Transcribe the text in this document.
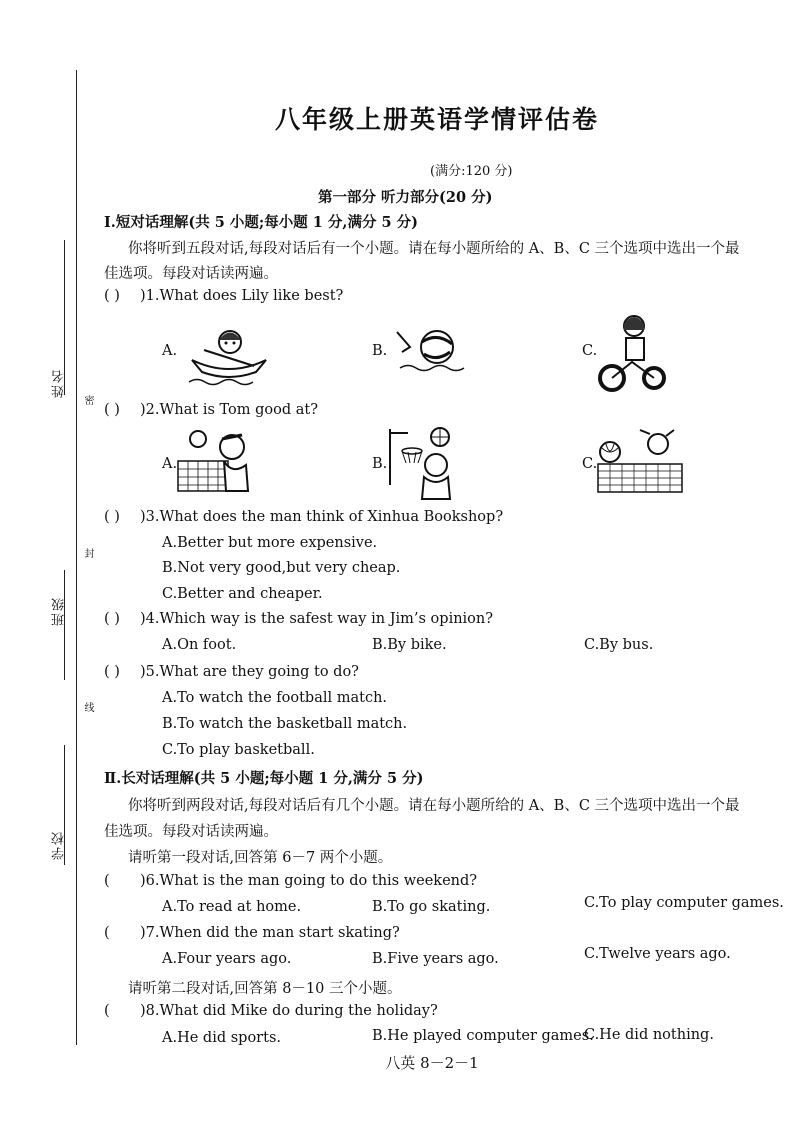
姓名
班级
学校
密
封
线
八年级上册英语学情评估卷
(满分:120 分)
第一部分 听力部分(20 分)
Ⅰ.短对话理解(共 5 小题;每小题 1 分,满分 5 分)
你将听到五段对话,每段对话后有一个小题。请在每小题所给的 A、B、C 三个选项中选出一个最
佳选项。每段对话读两遍。
( )	)1.What does Lily like best?
A.	B.	C.
( )	)2.What is Tom good at?
A.	B.	C.
( )	)3.What does the man think of Xinhua Bookshop?
A.Better but more expensive.
B.Not very good,but very cheap.
C.Better and cheaper.
( )	)4.Which way is the safest way in Jim’s opinion?
A.On foot.	B.By bike.	C.By bus.
( )	)5.What are they going to do?
A.To watch the football match.
B.To watch the basketball match.
C.To play basketball.
Ⅱ.长对话理解(共 5 小题;每小题 1 分,满分 5 分)
你将听到两段对话,每段对话后有几个小题。请在每小题所给的 A、B、C 三个选项中选出一个最
佳选项。每段对话读两遍。
请听第一段对话,回答第 6－7 两个小题。
(	)6.What is the man going to do this weekend?
A.To read at home.	B.To go skating.	C.To play computer games.
(	)7.When did the man start skating?
A.Four years ago.	B.Five years ago.	C.Twelve years ago.
请听第二段对话,回答第 8－10 三个小题。
(	)8.What did Mike do during the holiday?
A.He did sports.	B.He played computer games.
C.He did nothing.
八英 8－2－1
